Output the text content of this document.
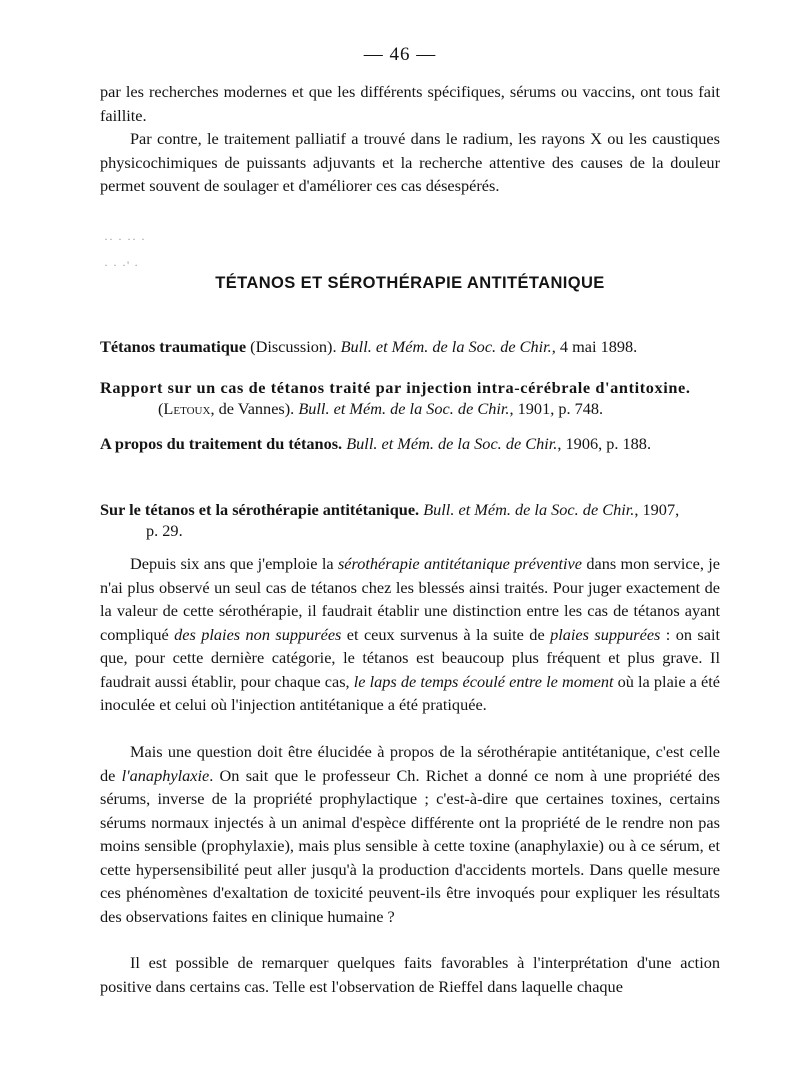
— 46 —
par les recherches modernes et que les différents spécifiques, sérums ou vaccins, ont tous fait faillite.
Par contre, le traitement palliatif a trouvé dans le radium, les rayons X ou les caustiques physicochimiques de puissants adjuvants et la recherche attentive des causes de la douleur permet souvent de soulager et d'améliorer ces cas désespérés.
·· · ·· ·
· · ·' ·
TÉTANOS ET SÉROTHÉRAPIE ANTITÉTANIQUE
Tétanos traumatique (Discussion). Bull. et Mém. de la Soc. de Chir., 4 mai 1898.
Rapport sur un cas de tétanos traité par injection intra-cérébrale d'antitoxine.
(Letoux, de Vannes). Bull. et Mém. de la Soc. de Chir., 1901, p. 748.
A propos du traitement du tétanos. Bull. et Mém. de la Soc. de Chir., 1906, p. 188.
Sur le tétanos et la sérothérapie antitétanique. Bull. et Mém. de la Soc. de Chir., 1907,
p. 29.
Depuis six ans que j'emploie la sérothérapie antitétanique préventive dans mon service, je n'ai plus observé un seul cas de tétanos chez les blessés ainsi traités. Pour juger exactement de la valeur de cette sérothérapie, il faudrait établir une distinction entre les cas de tétanos ayant compliqué des plaies non suppurées et ceux survenus à la suite de plaies suppurées : on sait que, pour cette dernière catégorie, le tétanos est beaucoup plus fréquent et plus grave. Il faudrait aussi établir, pour chaque cas, le laps de temps écoulé entre le moment où la plaie a été inoculée et celui où l'injection antitétanique a été pratiquée.
Mais une question doit être élucidée à propos de la sérothérapie antitétanique, c'est celle de l'anaphylaxie. On sait que le professeur Ch. Richet a donné ce nom à une propriété des sérums, inverse de la propriété prophylactique ; c'est-à-dire que certaines toxines, certains sérums normaux injectés à un animal d'espèce différente ont la propriété de le rendre non pas moins sensible (prophylaxie), mais plus sensible à cette toxine (anaphylaxie) ou à ce sérum, et cette hypersensibilité peut aller jusqu'à la production d'accidents mortels. Dans quelle mesure ces phénomènes d'exaltation de toxicité peuvent-ils être invoqués pour expliquer les résultats des observations faites en clinique humaine ?
Il est possible de remarquer quelques faits favorables à l'interprétation d'une action positive dans certains cas. Telle est l'observation de Rieffel dans laquelle chaque
